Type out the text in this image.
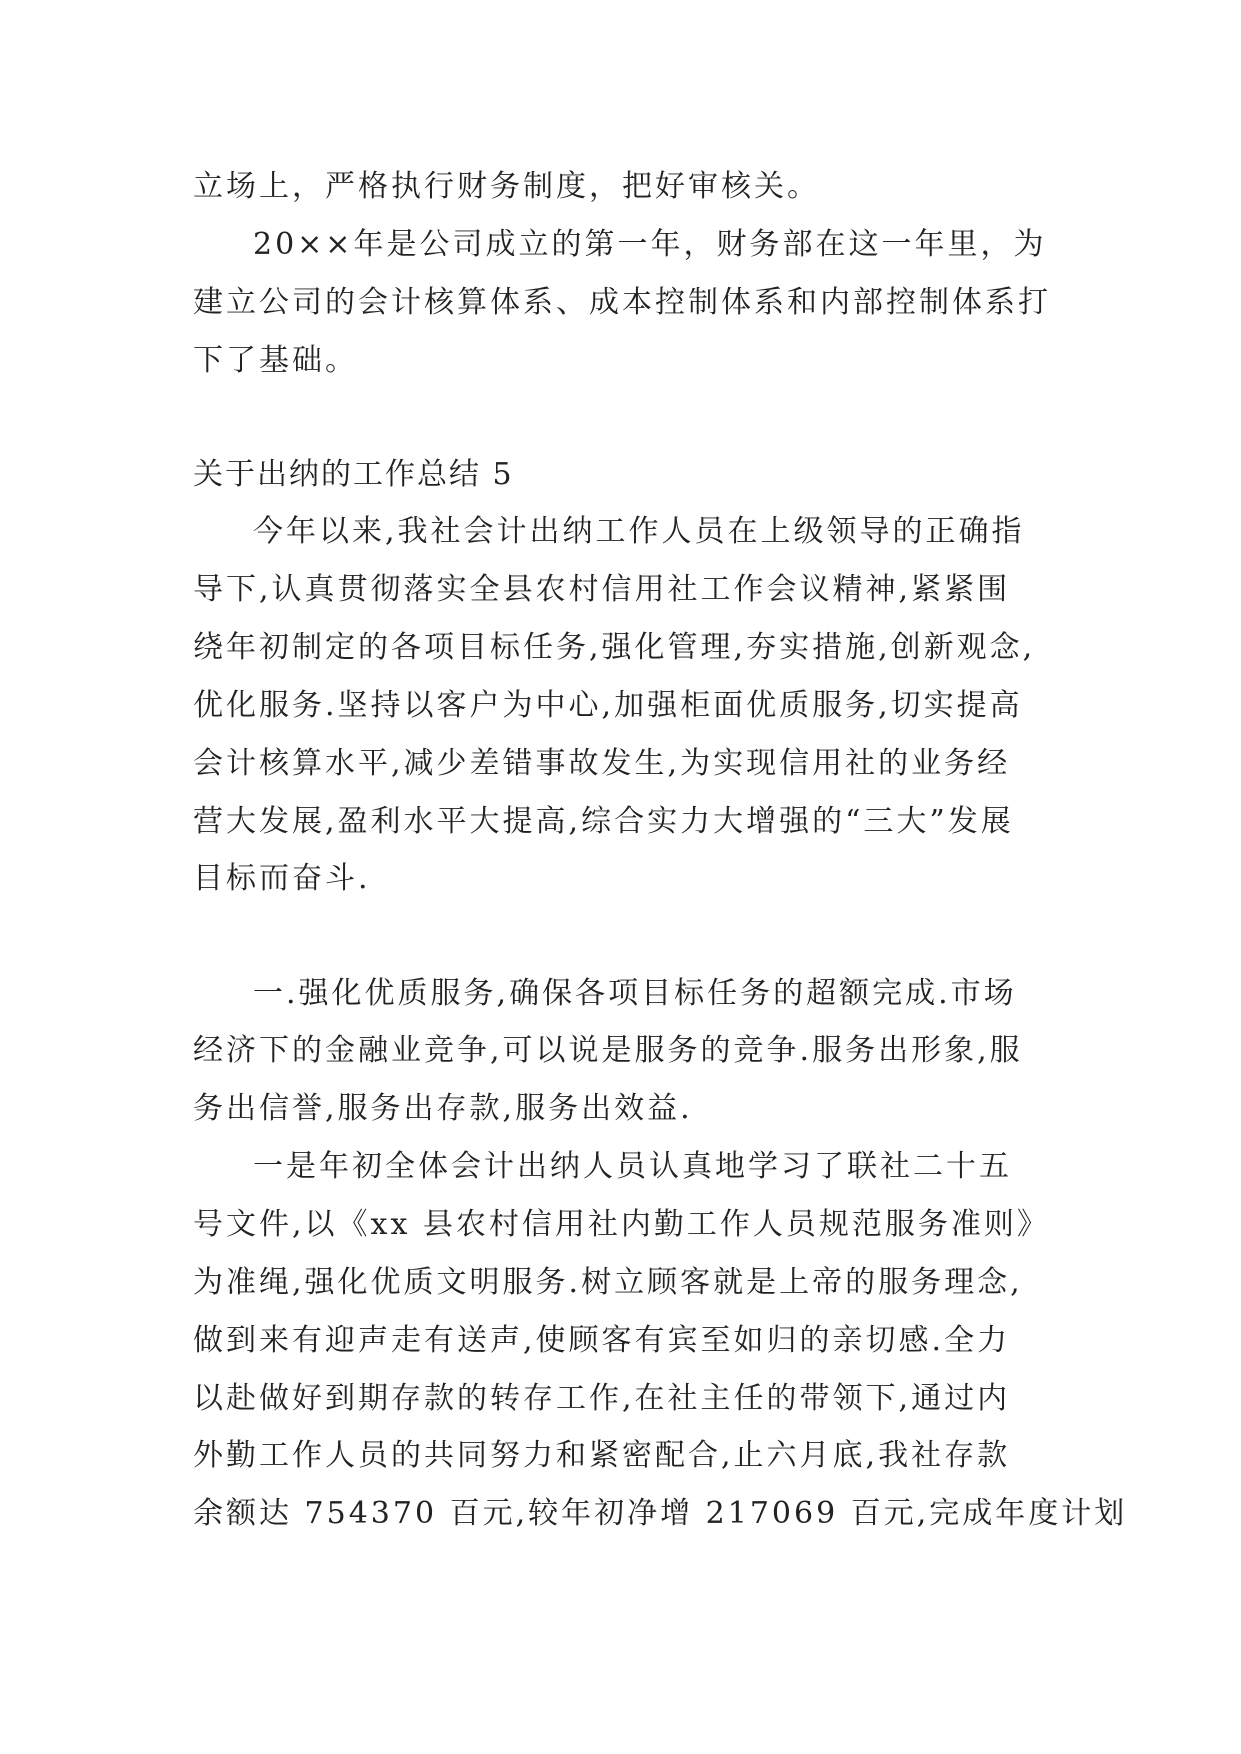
立场上，严格执行财务制度，把好审核关。
20××年是公司成立的第一年，财务部在这一年里，为
建立公司的会计核算体系、成本控制体系和内部控制体系打
下了基础。
关于出纳的工作总结 5
今年以来,我社会计出纳工作人员在上级领导的正确指
导下,认真贯彻落实全县农村信用社工作会议精神,紧紧围
绕年初制定的各项目标任务,强化管理,夯实措施,创新观念,
优化服务.坚持以客户为中心,加强柜面优质服务,切实提高
会计核算水平,减少差错事故发生,为实现信用社的业务经
营大发展,盈利水平大提高,综合实力大增强的“三大”发展
目标而奋斗.
一.强化优质服务,确保各项目标任务的超额完成.市场
经济下的金融业竞争,可以说是服务的竞争.服务出形象,服
务出信誉,服务出存款,服务出效益.
一是年初全体会计出纳人员认真地学习了联社二十五
号文件,以《xx 县农村信用社内勤工作人员规范服务准则》
为准绳,强化优质文明服务.树立顾客就是上帝的服务理念,
做到来有迎声走有送声,使顾客有宾至如归的亲切感.全力
以赴做好到期存款的转存工作,在社主任的带领下,通过内
外勤工作人员的共同努力和紧密配合,止六月底,我社存款
余额达 754370 百元,较年初净增 217069 百元,完成年度计划
